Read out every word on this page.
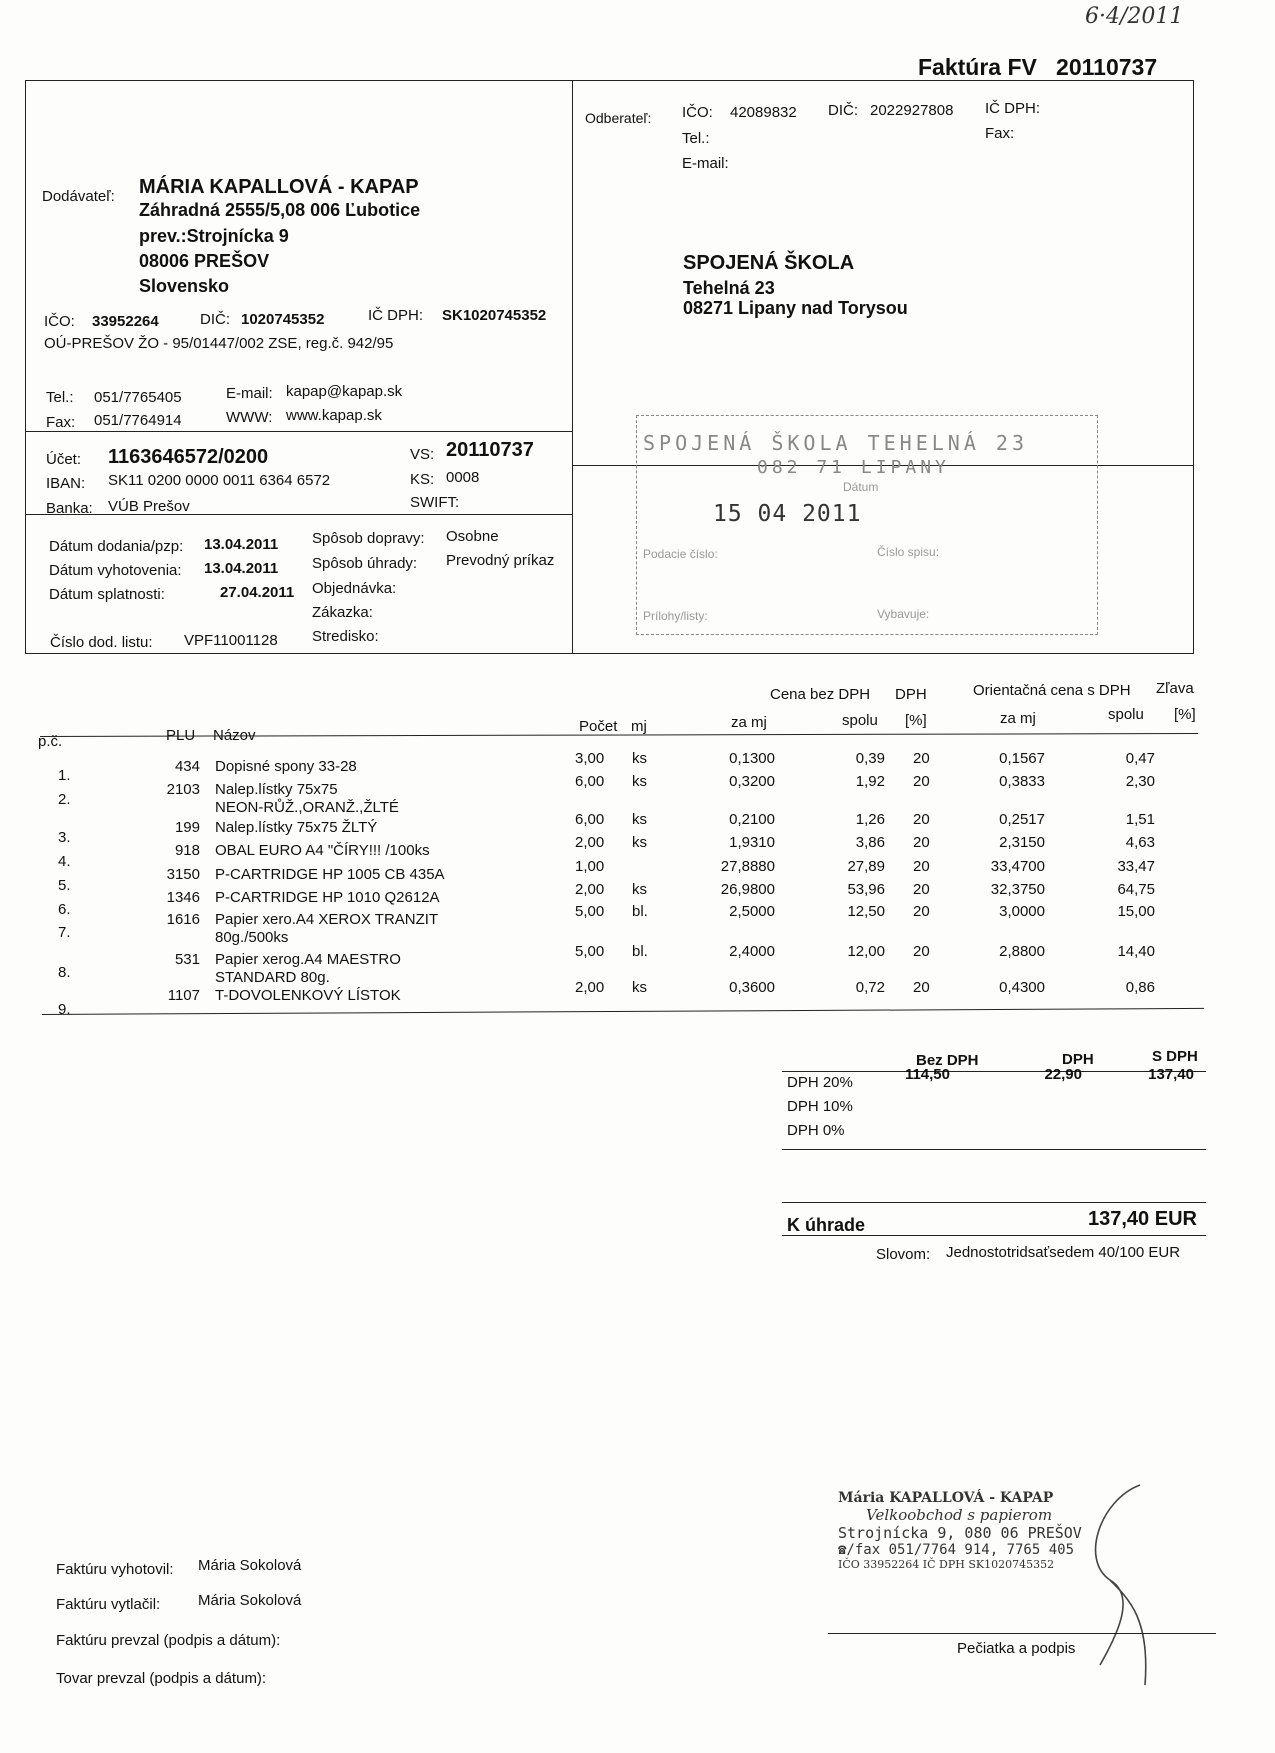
6·4/2011
Faktúra FV 20110737
Odberateľ: IČO: 42089832 DIČ: 2022927808 IČ DPH:
Tel.:	Fax:
E-mail:
SPOJENÁ ŠKOLA
Tehelná 23
08271 Lipany nad Torysou
Dodávateľ: MÁRIA KAPALLOVÁ - KAPAP
Záhradná 2555/5,08 006 Ľubotice
prev.:Strojnícka 9
08006 PREŠOV
Slovensko
IČO: 33952264	DIČ: 1020745352	IČ DPH: SK1020745352
OÚ-PREŠOV ŽO - 95/01447/002 ZSE, reg.č. 942/95
Tel.: 051/7765405
Fax: 051/7764914
E-mail: kapap@kapap.sk
WWW: www.kapap.sk
Účet: 1163646572/0200
IBAN: SK11 0200 0000 0011 6364 6572
Banka: VÚB Prešov
VS: 20110737
KS: 0008
SWIFT:
Dátum dodania/pzp: 13.04.2011
Dátum vyhotovenia: 13.04.2011
Dátum splatnosti:	27.04.2011
Číslo dod. listu: VPF11001128
Spôsob dopravy: Osobne
Spôsob úhrady: Prevodný príkaz
Objednávka:
Zákazka:
Stredisko:
SPOJENÁ ŠKOLA TEHELNÁ 23
082 71 LIPANY
Dátum
15 04 2011
Podacie číslo:	Číslo spisu:
Prílohy/listy:	Vybavuje:
Cena bez DPH DPH	Orientačná cena s DPH Zľava
p.č.	PLU Názov
Počet mj	za mj	spolu [%]	za mj	spolu [%]
1.
434 Dopisné spony 33-28	3,00 ks	0,1300	0,39 20	0,1567	0,47
2.
2103 Nalep.lístky 75x75	6,00 ks	0,3200	1,92 20	0,3833	2,30
NEON-RŮŽ.,ORANŽ.,ŽLTÉ
3.
199 Nalep.lístky 75x75 ŽLTÝ	6,00 ks	0,2100	1,26 20	0,2517	1,51
4.
918 OBAL EURO A4 "ČÍRY!!! /100ks	2,00 ks	1,9310	3,86 20	2,3150	4,63
5.
3150 P-CARTRIDGE HP 1005 CB 435A	1,00	27,8880	27,89 20	33,4700	33,47
6.
1346 P-CARTRIDGE HP 1010 Q2612A	2,00 ks	26,9800	53,96 20	32,3750	64,75
7.
1616 Papier xero.A4 XEROX TRANZIT	5,00 bl.	2,5000	12,50 20	3,0000	15,00
80g./500ks
8.
531 Papier xerog.A4 MAESTRO	5,00 bl.	2,4000	12,00 20	2,8800	14,40
STANDARD 80g.
9.
1107 T-DOVOLENKOVÝ LÍSTOK	2,00 ks	0,3600	0,72 20	0,4300	0,86
Bez DPH	DPH	S DPH
DPH 20%	114,50	22,90	137,40
DPH 10%
DPH 0%
K úhrade	137,40 EUR
Slovom: Jednostotridsaťsedem 40/100 EUR
Mária KAPALLOVÁ - KAPAP
Velkoobchod s papierom
Strojnícka 9, 080 06 PREŠOV
☎/fax 051/7764 914, 7765 405
IČO 33952264 IČ DPH SK1020745352
Faktúru vyhotovil: Mária Sokolová
Faktúru vytlačil:	Mária Sokolová
Faktúru prevzal (podpis a dátum):
Tovar prevzal (podpis a dátum):
Pečiatka a podpis
